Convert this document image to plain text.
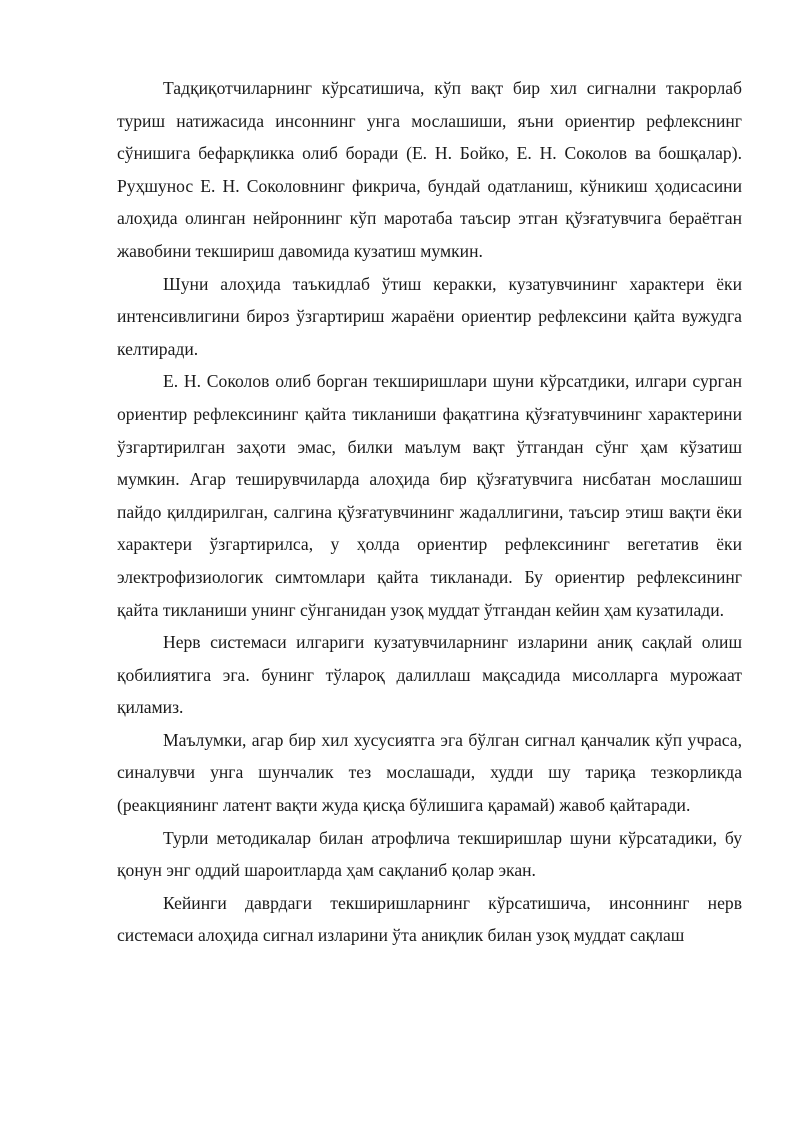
Тадқиқотчиларнинг кўрсатишича, кўп вақт бир хил сигнални такрорлаб туриш натижасида инсоннинг унга мослашиши, яъни ориентир рефлекснинг сўнишига бефарқликка олиб боради (Е. Н. Бойко, Е. Н. Соколов ва бошқалар). Руҳшунос Е. Н. Соколовнинг фикрича, бундай одатланиш, кўникиш ҳодисасини алоҳида олинган нейроннинг кўп маротаба таъсир этган қўзғатувчига бераётган жавобини текшириш давомида кузатиш мумкин.

Шуни алоҳида таъкидлаб ўтиш керакки, кузатувчининг характери ёки интенсивлигини бироз ўзгартириш жараёни ориентир рефлексини қайта вужудга келтиради.

Е. Н. Соколов олиб борган текширишлари шуни кўрсатдики, илгари сурган ориентир рефлексининг қайта тикланиши фақатгина қўзғатувчининг характерини ўзгартирилган заҳоти эмас, билки маълум вақт ўтгандан сўнг ҳам кўзатиш мумкин. Агар теширувчиларда алоҳида бир қўзғатувчига нисбатан мослашиш пайдо қилдирилган, салгина қўзғатувчининг жадаллигини, таъсир этиш вақти ёки характери ўзгартирилса, у ҳолда ориентир рефлексининг вегетатив ёки электрофизиологик симтомлари қайта тикланади. Бу ориентир рефлексининг қайта тикланиши унинг сўнганидан узоқ муддат ўтгандан кейин ҳам кузатилади.

Нерв системаси илгариги кузатувчиларнинг изларини аниқ сақлай олиш қобилиятига эга. бунинг тўлароқ далиллаш мақсадида мисолларга мурожаат қиламиз.

Маълумки, агар бир хил хусусиятга эга бўлган сигнал қанчалик кўп учраса, синалувчи унга шунчалик тез мослашади, худди шу тариқа тезкорликда (реакциянинг латент вақти жуда қисқа бўлишига қарамай) жавоб қайтаради.

Турли методикалар билан атрофлича текширишлар шуни кўрсатадики, бу қонун энг оддий шароитларда ҳам сақланиб қолар экан.

Кейинги даврдаги текширишларнинг кўрсатишича, инсоннинг нерв системаси алоҳида сигнал изларини ўта аниқлик билан узоқ муддат сақлаш
